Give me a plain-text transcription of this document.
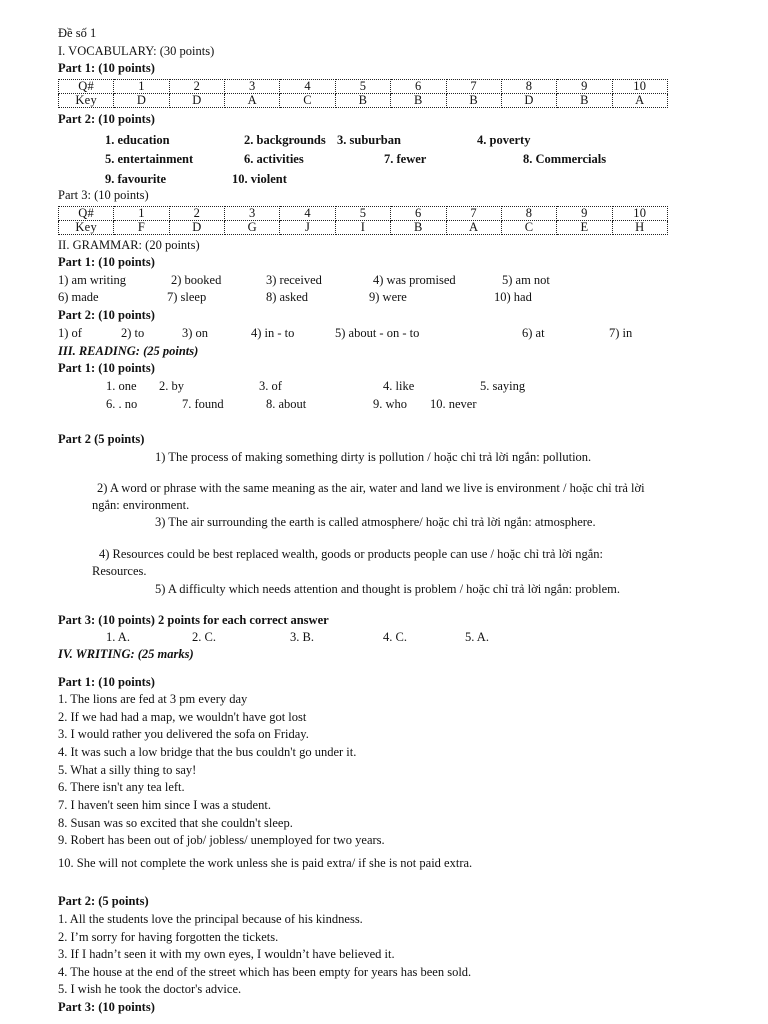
Đề số 1
I. VOCABULARY: (30 points)
Part 1: (10 points)
Q#	1	2	3	4	5	6	7	8	9	10
Key	D	D	A	C	B	B	B	D	B	A
Part 2: (10 points)
1. education	2. backgrounds 3. suburban	4. poverty
5. entertainment	6. activities	7. fewer	8. Commercials
9. favourite	10. violent
Part 3: (10 points)
Q#	1	2	3	4	5	6	7	8	9	10
Key	F	D	G	J	I	B	A	C	E	H
II. GRAMMAR: (20 points)
Part 1: (10 points)
1) am writing	2) booked	3) received	4) was promised	5) am not
6) made	7) sleep	8) asked	9) were	10) had
Part 2: (10 points)
1) of	2) to	3) on	4) in - to	5) about - on - to	6) at	7) in
III. READING: (25 points)
Part 1: (10 points)
1. one 2. by	3. of	4. like	5. saying
6. . no	7. found	8. about	9. who 10. never
Part 2 (5 points)
1) The process of making something dirty is pollution / hoặc chỉ trả lời ngắn: pollution.
2) A word or phrase with the same meaning as the air, water and land we live is environment / hoặc chỉ trả lời
ngắn: environment.
3) The air surrounding the earth is called atmosphere/ hoặc chỉ trả lời ngắn: atmosphere.
4) Resources could be best replaced wealth, goods or products people can use / hoặc chỉ trả lời ngắn:
Resources.
5) A difficulty which needs attention and thought is problem / hoặc chỉ trả lời ngắn: problem.
Part 3: (10 points) 2 points for each correct answer
1. A.	2. C.	3. B.	4. C.	5. A.
IV. WRITING: (25 marks)
Part 1: (10 points)
1. The lions are fed at 3 pm every day
2. If we had had a map, we wouldn't have got lost
3. I would rather you delivered the sofa on Friday.
4. It was such a low bridge that the bus couldn't go under it.
5. What a silly thing to say!
6. There isn't any tea left.
7. I haven't seen him since I was a student.
8. Susan was so excited that she couldn't sleep.
9. Robert has been out of job/ jobless/ unemployed for two years.
10. She will not complete the work unless she is paid extra/ if she is not paid extra.
Part 2: (5 points)
1. All the students love the principal because of his kindness.
2. I’m sorry for having forgotten the tickets.
3. If I hadn’t seen it with my own eyes, I wouldn’t have believed it.
4. The house at the end of the street which has been empty for years has been sold.
5. I wish he took the doctor's advice.
Part 3: (10 points)
